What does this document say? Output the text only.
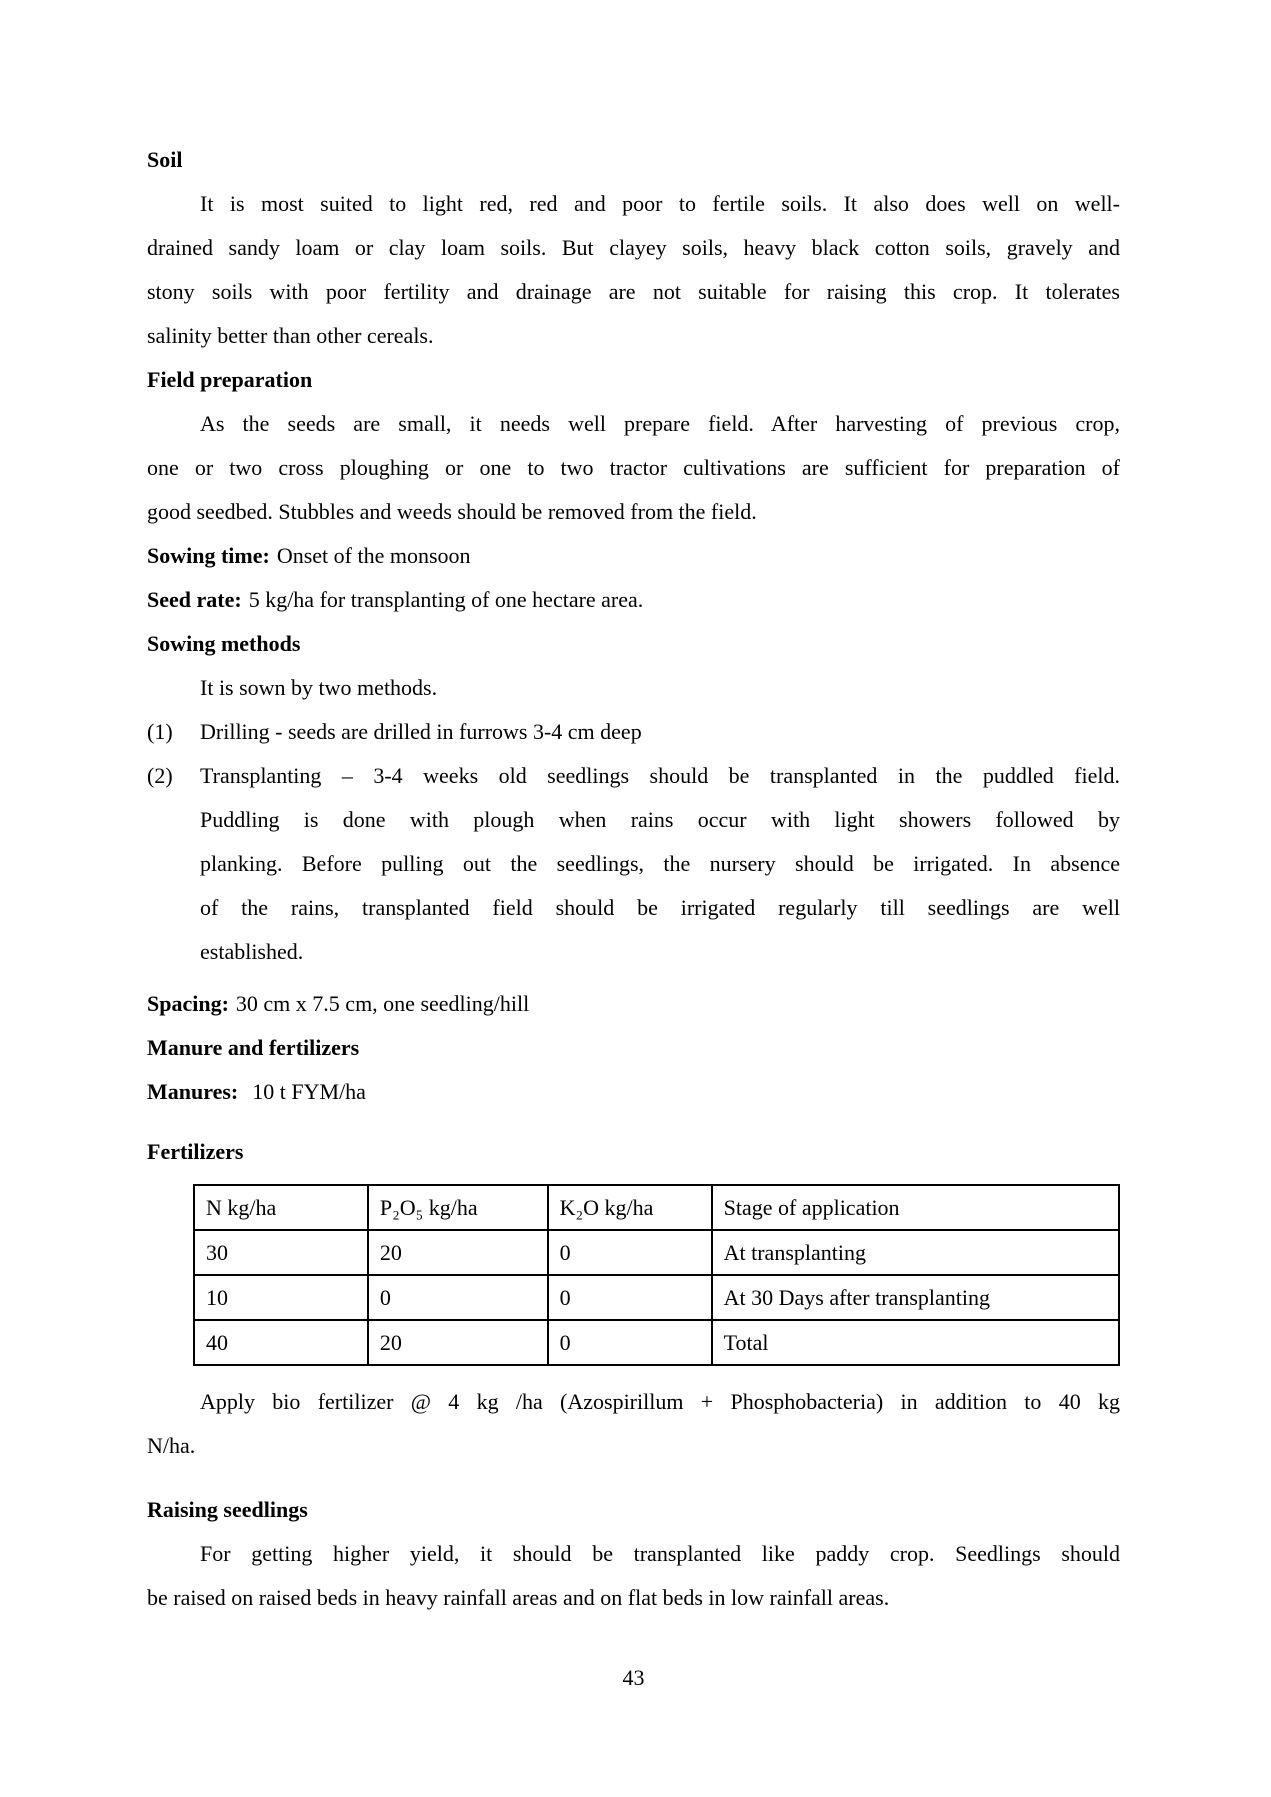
Soil
It is most suited to light red, red and poor to fertile soils. It also does well on well-
drained sandy loam or clay loam soils. But clayey soils, heavy black cotton soils, gravely and
stony soils with poor fertility and drainage are not suitable for raising this crop. It tolerates
salinity better than other cereals.
Field preparation
As the seeds are small, it needs well prepare field. After harvesting of previous crop,
one or two cross ploughing or one to two tractor cultivations are sufficient for preparation of
good seedbed. Stubbles and weeds should be removed from the field.
Sowing time: Onset of the monsoon
Seed rate: 5 kg/ha for transplanting of one hectare area.
Sowing methods
It is sown by two methods.
(1)	Drilling - seeds are drilled in furrows 3-4 cm deep
(2)	Transplanting – 3-4 weeks old seedlings should be transplanted in the puddled field.
Puddling is done with plough when rains occur with light showers followed by
planking. Before pulling out the seedlings, the nursery should be irrigated. In absence
of the rains, transplanted field should be irrigated regularly till seedlings are well
established.
Spacing: 30 cm x 7.5 cm, one seedling/hill
Manure and fertilizers
Manures: 10 t FYM/ha
Fertilizers
N kg/ha	P₂O₅ kg/ha	K₂O kg/ha	Stage of application
30	20	0	At transplanting
10	0	0	At 30 Days after transplanting
40	20	0	Total
Apply bio fertilizer @ 4 kg /ha (Azospirillum + Phosphobacteria) in addition to 40 kg
N/ha.
Raising seedlings
For getting higher yield, it should be transplanted like paddy crop. Seedlings should
be raised on raised beds in heavy rainfall areas and on flat beds in low rainfall areas.
43
